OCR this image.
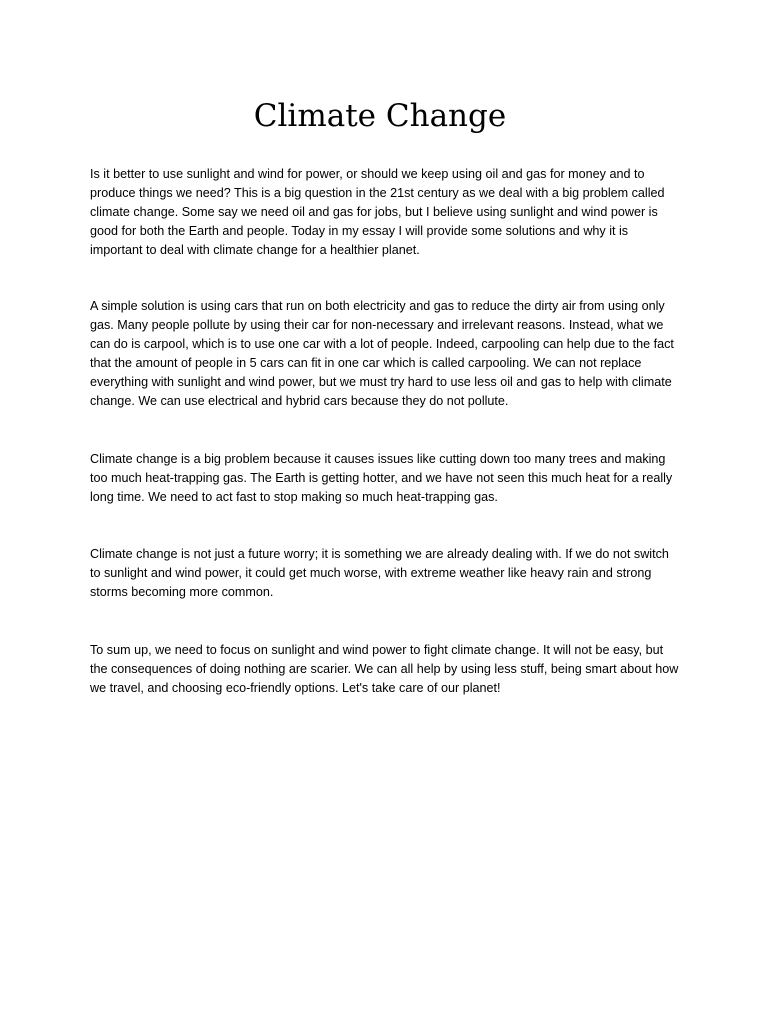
Climate Change

Is it better to use sunlight and wind for power, or should we keep using oil and gas for money and to produce things we need? This is a big question in the 21st century as we deal with a big problem called climate change. Some say we need oil and gas for jobs, but I believe using sunlight and wind power is good for both the Earth and people. Today in my essay I will provide some solutions and why it is important to deal with climate change for a healthier planet.

A simple solution is using cars that run on both electricity and gas to reduce the dirty air from using only gas. Many people pollute by using their car for non-necessary and irrelevant reasons. Instead, what we can do is carpool, which is to use one car with a lot of people. Indeed, carpooling can help due to the fact that the amount of people in 5 cars can fit in one car which is called carpooling. We can not replace everything with sunlight and wind power, but we must try hard to use less oil and gas to help with climate change. We can use electrical and hybrid cars because they do not pollute.

Climate change is a big problem because it causes issues like cutting down too many trees and making too much heat-trapping gas. The Earth is getting hotter, and we have not seen this much heat for a really long time. We need to act fast to stop making so much heat-trapping gas.

Climate change is not just a future worry; it is something we are already dealing with. If we do not switch to sunlight and wind power, it could get much worse, with extreme weather like heavy rain and strong storms becoming more common.

To sum up, we need to focus on sunlight and wind power to fight climate change. It will not be easy, but the consequences of doing nothing are scarier. We can all help by using less stuff, being smart about how we travel, and choosing eco-friendly options. Let's take care of our planet!
